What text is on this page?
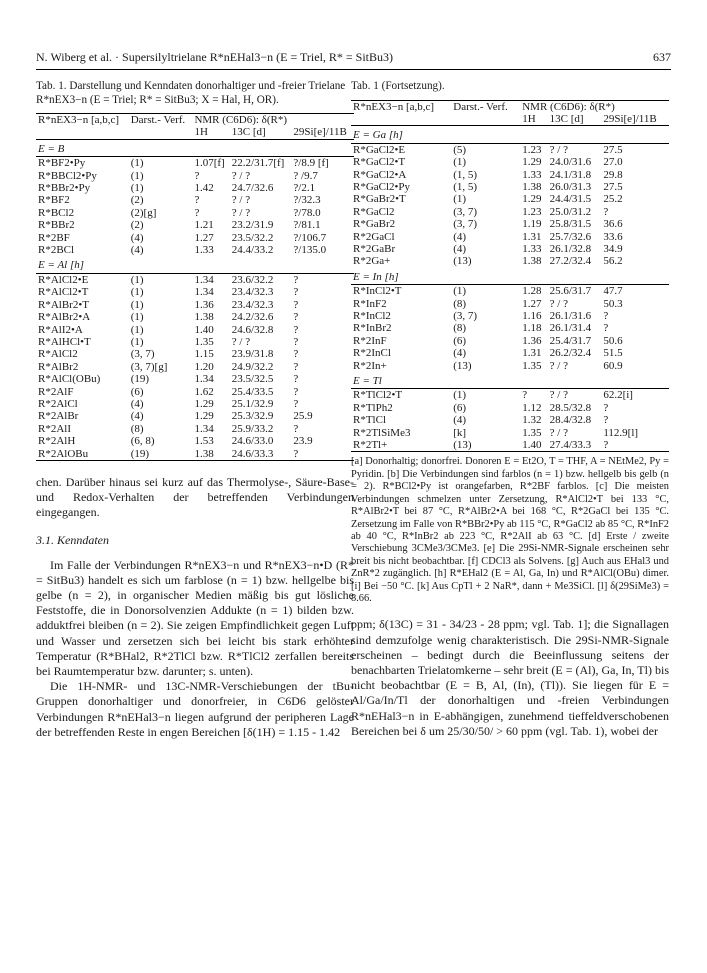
N. Wiberg et al. · Supersilyltrielane R*nEHal3−n (E = Triel, R* = SitBu3)	637
Tab. 1. Darstellung und Kenndaten donorhaltiger und -freier Trielane R*nEX3−n (E = Triel; R* = SitBu3; X = Hal, H, OR).
R*nEX3−n [a,b,c]	Darst.- Verf.	NMR (C6D6): δ(R*)		
		1H	13C [d]	29Si[e]/11B
E = B				
R*BF2•Py	(1)	1.07[f]	22.2/31.7[f]	?/8.9 [f]
R*BBCl2•Py	(1)	?	? / ?	? /9.7
R*BBr2•Py	(1)	1.42	24.7/32.6	?/2.1
R*BF2	(2)	?	? / ?	?/32.3
R*BCl2	(2)[g]	?	? / ?	?/78.0
R*BBr2	(2)	1.21	23.2/31.9	?/81.1
R*2BF	(4)	1.27	23.5/32.2	?/106.7
R*2BCl	(4)	1.33	24.4/33.2	?/135.0
E = Al [h]				
R*AlCl2•E	(1)	1.34	23.6/32.2	?
R*AlCl2•T	(1)	1.34	23.4/32.3	?
R*AlBr2•T	(1)	1.36	23.4/32.3	?
R*AlBr2•A	(1)	1.38	24.2/32.6	?
R*AlI2•A	(1)	1.40	24.6/32.8	?
R*AlHCl•T	(1)	1.35	? / ?	?
R*AlCl2	(3, 7)	1.15	23.9/31.8	?
R*AlBr2	(3, 7)[g]	1.20	24.9/32.2	?
R*AlCl(OBu)	(19)	1.34	23.5/32.5	?
R*2AlF	(6)	1.62	25.4/33.5	?
R*2AlCl	(4)	1.29	25.1/32.9	?
R*2AlBr	(4)	1.29	25.3/32.9	25.9
R*2AlI	(8)	1.34	25.9/33.2	?
R*2AlH	(6, 8)	1.53	24.6/33.0	23.9
R*2AlOBu	(19)	1.38	24.6/33.3	?
chen. Darüber hinaus sei kurz auf das Thermolyse-, Säure-Base- und Redox-Verhalten der betreffenden Verbindungen eingegangen.
3.1. Kenndaten
Im Falle der Verbindungen R*nEX3−n und R*nEX3−n•D (R* = SitBu3) handelt es sich um farblose (n = 1) bzw. hellgelbe bis gelbe (n = 2), in organischer Medien mäßig bis gut lösliche Feststoffe, die in Donorsolvenzien Addukte (n = 1) bilden bzw. adduktfrei bleiben (n = 2). Sie zeigen Empfindlichkeit gegen Luft und Wasser und zersetzen sich bei leicht bis stark erhöhter Temperatur (R*BHal2, R*2TlCl bzw. R*TlCl2 zerfallen bereits bei Raumtemperatur bzw. darunter; s. unten).
Die 1H-NMR- und 13C-NMR-Verschiebungen der tBu-Gruppen donorhaltiger und donorfreier, in C6D6 gelöster Verbindungen R*nEHal3−n liegen aufgrund der peripheren Lage der betreffenden Reste in engen Bereichen [δ(1H) = 1.15 - 1.42
Tab. 1 (Fortsetzung).
R*nEX3−n [a,b,c]	Darst.- Verf.	NMR (C6D6): δ(R*)		
		1H	13C [d]	29Si[e]/11B
E = Ga [h]				
R*GaCl2•E	(5)	1.23	? / ?	27.5
R*GaCl2•T	(1)	1.29	24.0/31.6	27.0
R*GaCl2•A	(1, 5)	1.33	24.1/31.8	29.8
R*GaCl2•Py	(1, 5)	1.38	26.0/31.3	27.5
R*GaBr2•T	(1)	1.29	24.4/31.5	25.2
R*GaCl2	(3, 7)	1.23	25.0/31.2	?
R*GaBr2	(3, 7)	1.19	25.8/31.5	36.6
R*2GaCl	(4)	1.31	25.7/32.6	33.6
R*2GaBr	(4)	1.33	26.1/32.8	34.9
R*2Ga+	(13)	1.38	27.2/32.4	56.2
E = In [h]				
R*InCl2•T	(1)	1.28	25.6/31.7	47.7
R*InF2	(8)	1.27	? / ?	50.3
R*InCl2	(3, 7)	1.16	26.1/31.6	?
R*InBr2	(8)	1.18	26.1/31.4	?
R*2InF	(6)	1.36	25.4/31.7	50.6
R*2InCl	(4)	1.31	26.2/32.4	51.5
R*2In+	(13)	1.35	? / ?	60.9
E = Tl				
R*TlCl2•T	(1)	?	? / ?	62.2[i]
R*TlPh2	(6)	1.12	28.5/32.8	?
R*TlCl	(4)	1.32	28.4/32.8	?
R*2TlSiMe3	[k]	1.35	? / ?	112.9[l]
R*2Tl+	(13)	1.40	27.4/33.3	?
[a] Donorhaltig; donorfrei. Donoren E = Et2O, T = THF, A = NEtMe2, Py = Pyridin. [b] Die Verbindungen sind farblos (n = 1) bzw. hellgelb bis gelb (n = 2). R*BCl2•Py ist orangefarben, R*2BF farblos. [c] Die meisten Verbindungen schmelzen unter Zersetzung, R*AlCl2•T bei 133 °C, R*AlBr2•T bei 87 °C, R*AlBr2•A bei 168 °C, R*2GaCl bei 135 °C. Zersetzung im Falle von R*BBr2•Py ab 115 °C, R*GaCl2 ab 85 °C, R*InF2 ab 40 °C, R*InBr2 ab 223 °C, R*2AlI ab 63 °C. [d] Erste / zweite Verschiebung 3CMe3/3CMe3. [e] Die 29Si-NMR-Signale erscheinen sehr breit bis nicht beobachtbar. [f] CDCl3 als Solvens. [g] Auch aus EHal3 und ZnR*2 zugänglich. [h] R*EHal2 (E = Al, Ga, In) und R*AlCl(OBu) dimer. [i] Bei −50 °C. [k] Aus CpTl + 2 NaR*, dann + Me3SiCl. [l] δ(29SiMe3) = 8.66.
ppm; δ(13C) = 31 - 34/23 - 28 ppm; vgl. Tab. 1]; die Signallagen sind demzufolge wenig charakteristisch. Die 29Si-NMR-Signale erscheinen – bedingt durch die Beeinflussung seitens der benachbarten Trielatomkerne – sehr breit (E = (Al), Ga, In, Tl) bis nicht beobachtbar (E = B, Al, (In), (Tl)). Sie liegen für E = Al/Ga/In/Tl der donorhaltigen und -freien Verbindungen R*nEHal3−n in E-abhängigen, zunehmend tieffeldverschobenen Bereichen bei δ um 25/30/50/ > 60 ppm (vgl. Tab. 1), wobei der
